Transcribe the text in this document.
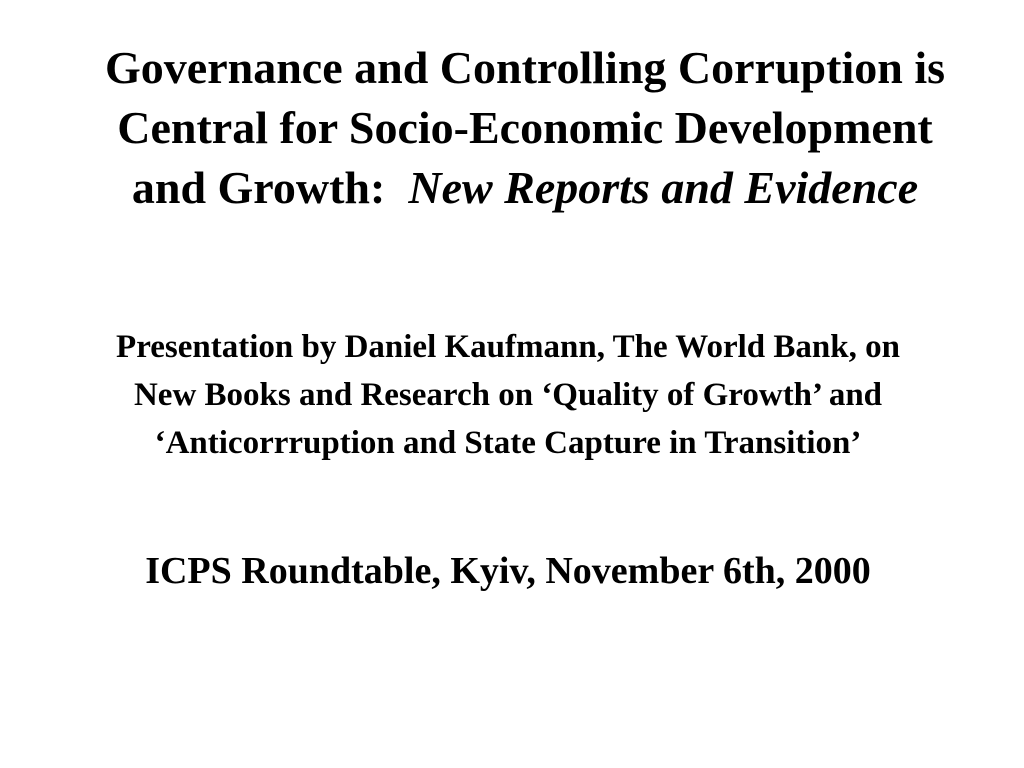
Governance and Controlling Corruption is
Central for Socio-Economic Development
and Growth:  New Reports and Evidence

Presentation by Daniel Kaufmann, The World Bank, on
New Books and Research on ‘Quality of Growth’ and
‘Anticorrruption and State Capture in Transition’

ICPS Roundtable, Kyiv, November 6th, 2000
